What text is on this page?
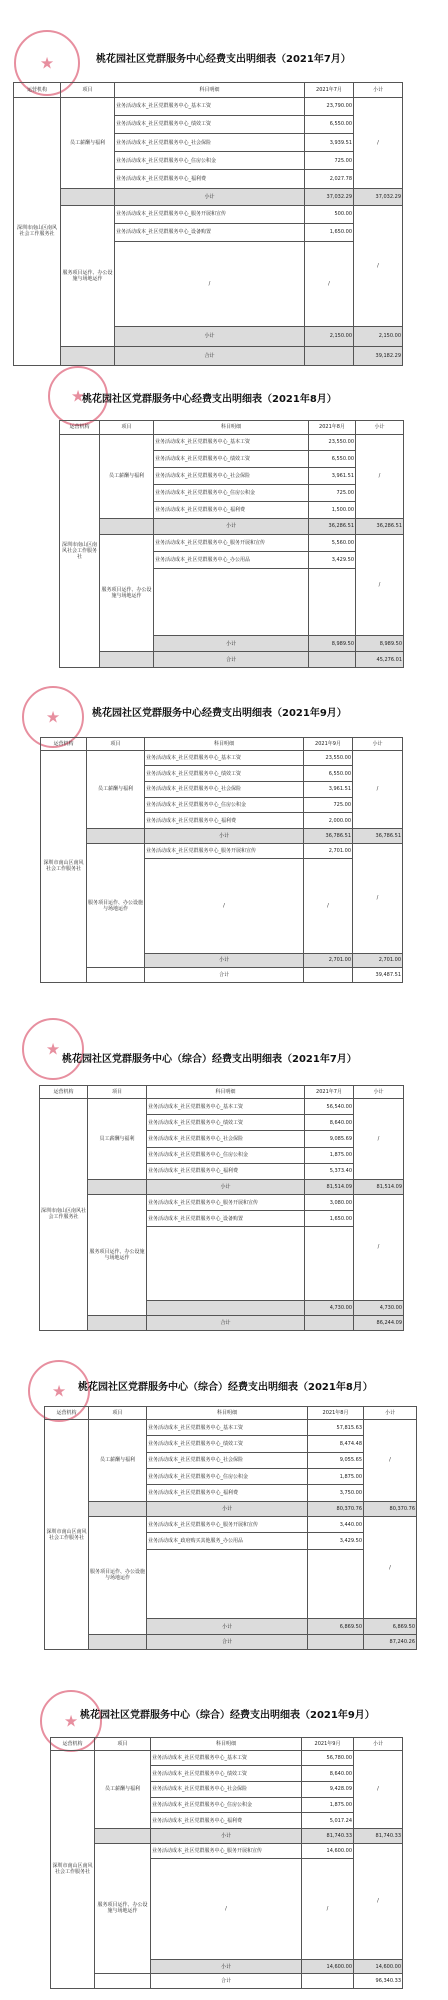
★	桃花园社区党群服务中心经费支出明细表（2021年7月）
运营机构	项目	科目明细	2021年7月	小计
深圳市南山区南风社会工作服务社	员工薪酬与福利	业务活动成本_社区党群服务中心_基本工资	23,790.00	/
		业务活动成本_社区党群服务中心_绩效工资	6,550.00	
		业务活动成本_社区党群服务中心_社会保险	3,939.51	
		业务活动成本_社区党群服务中心_住房公积金	725.00	
		业务活动成本_社区党群服务中心_福利费	2,027.78	
		小计	37,032.29	37,032.29
	服务项目运作、办公设施与场地运作	业务活动成本_社区党群服务中心_服务开展和宣传	500.00	/
		业务活动成本_社区党群服务中心_设备购置	1,650.00	
		/	/	
		小计	2,150.00	2,150.00
		合计		39,182.29
★
桃花园社区党群服务中心经费支出明细表（2021年8月）
运营机构	项目	科目明细	2021年8月	小计
深圳市南山区南风社会工作服务社	员工薪酬与福利	业务活动成本_社区党群服务中心_基本工资	23,550.00	/
		业务活动成本_社区党群服务中心_绩效工资	6,550.00	
		业务活动成本_社区党群服务中心_社会保险	3,961.51	
		业务活动成本_社区党群服务中心_住房公积金	725.00	
		业务活动成本_社区党群服务中心_福利费	1,500.00	
		小计	36,286.51	36,286.51
	服务项目运作、办公设施与场地运作	业务活动成本_社区党群服务中心_服务开展和宣传	5,560.00	/
		业务活动成本_社区党群服务中心_办公用品	3,429.50	

		小计	8,989.50	8,989.50
		合计		45,276.01
★	桃花园社区党群服务中心经费支出明细表（2021年9月）
运营机构	项目	科目明细	2021年9月	小计
深圳市南山区南风社会工作服务社	员工薪酬与福利	业务活动成本_社区党群服务中心_基本工资	23,550.00	/
		业务活动成本_社区党群服务中心_绩效工资	6,550.00	
		业务活动成本_社区党群服务中心_社会保险	3,961.51	
		业务活动成本_社区党群服务中心_住房公积金	725.00	
		业务活动成本_社区党群服务中心_福利费	2,000.00	
		小计	36,786.51	36,786.51
	服务项目运作、办公设施与场地运作	业务活动成本_社区党群服务中心_服务开展和宣传	2,701.00	/
		/	/	
		小计	2,701.00	2,701.00
		合计		39,487.51
★
桃花园社区党群服务中心（综合）经费支出明细表（2021年7月）
运营机构	项目	科目明细	2021年7月	小计
深圳市南山区南风社会工作服务社	员工薪酬与福利	业务活动成本_社区党群服务中心_基本工资	56,540.00	/
		业务活动成本_社区党群服务中心_绩效工资	8,640.00	
		业务活动成本_社区党群服务中心_社会保险	9,085.69	
		业务活动成本_社区党群服务中心_住房公积金	1,875.00	
		业务活动成本_社区党群服务中心_福利费	5,373.40	
		小计	81,514.09	81,514.09
	服务项目运作、办公设施与场地运作	业务活动成本_社区党群服务中心_服务开展和宣传	3,080.00	/
		业务活动成本_社区党群服务中心_设备购置	1,650.00	

			4,730.00	4,730.00
		合计		86,244.09
★ 桃花园社区党群服务中心（综合）经费支出明细表（2021年8月）
运营机构	项目	科目明细	2021年8月	小计
深圳市南山区南风社会工作服务社	员工薪酬与福利	业务活动成本_社区党群服务中心_基本工资	57,815.63	/
		业务活动成本_社区党群服务中心_绩效工资	8,474.48	
		业务活动成本_社区党群服务中心_社会保险	9,055.65	
		业务活动成本_社区党群服务中心_住房公积金	1,875.00	
		业务活动成本_社区党群服务中心_福利费	3,750.00	
		小计	80,370.76	80,370.76
	服务项目运作、办公设施与场地运作	业务活动成本_社区党群服务中心_服务开展和宣传	3,440.00	/
		业务活动成本_政府购买其他服务_办公用品	3,429.50	

		小计	6,869.50	6,869.50
		合计		87,240.26
★ 桃花园社区党群服务中心（综合）经费支出明细表（2021年9月）
运营机构	项目	科目明细	2021年9月	小计
深圳市南山区南风社会工作服务社	员工薪酬与福利	业务活动成本_社区党群服务中心_基本工资	56,780.00	/
		业务活动成本_社区党群服务中心_绩效工资	8,640.00	
		业务活动成本_社区党群服务中心_社会保险	9,428.09	
		业务活动成本_社区党群服务中心_住房公积金	1,875.00	
		业务活动成本_社区党群服务中心_福利费	5,017.24	
		小计	81,740.33	81,740.33
	服务项目运作、办公设施与场地运作	业务活动成本_社区党群服务中心_服务开展和宣传	14,600.00	/
		/	/	
		小计	14,600.00	14,600.00
		合计		96,340.33
